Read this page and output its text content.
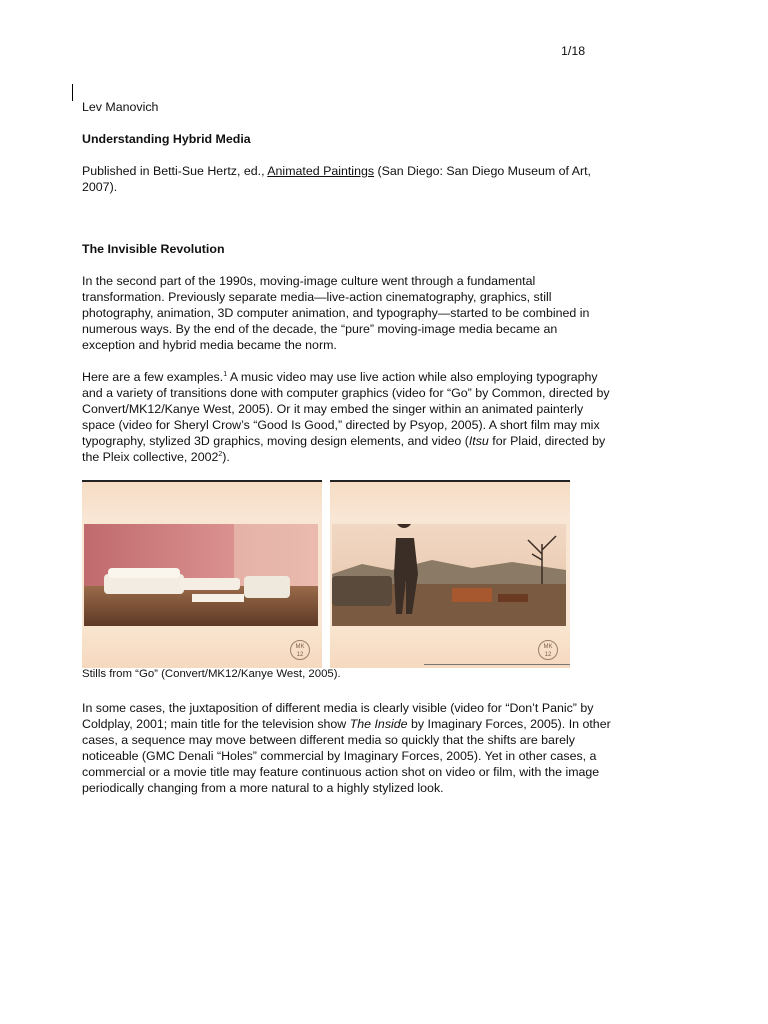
1/18

Lev Manovich

Understanding Hybrid Media

Published in Betti-Sue Hertz, ed., Animated Paintings (San Diego: San Diego Museum of Art, 2007).

The Invisible Revolution

In the second part of the 1990s, moving-image culture went through a fundamental transformation. Previously separate media—live-action cinematography, graphics, still photography, animation, 3D computer animation, and typography—started to be combined in numerous ways. By the end of the decade, the “pure” moving-image media became an exception and hybrid media became the norm.

Here are a few examples.$^1$ A music video may use live action while also employing typography and a variety of transitions done with computer graphics (video for “Go” by Common, directed by Convert/MK12/Kanye West, 2005). Or it may embed the singer within an animated painterly space (video for Sheryl Crow’s “Good Is Good,” directed by Psyop, 2005). A short film may mix typography, stylized 3D graphics, moving design elements, and video (Itsu for Plaid, directed by the Pleix collective, 2002$^2$).

MK
12
MK
12

Stills from “Go” (Convert/MK12/Kanye West, 2005).

In some cases, the juxtaposition of different media is clearly visible (video for “Don’t Panic” by Coldplay, 2001; main title for the television show The Inside by Imaginary Forces, 2005). In other cases, a sequence may move between different media so quickly that the shifts are barely noticeable (GMC Denali “Holes” commercial by Imaginary Forces, 2005). Yet in other cases, a commercial or a movie title may feature continuous action shot on video or film, with the image periodically changing from a more natural to a highly stylized look.
